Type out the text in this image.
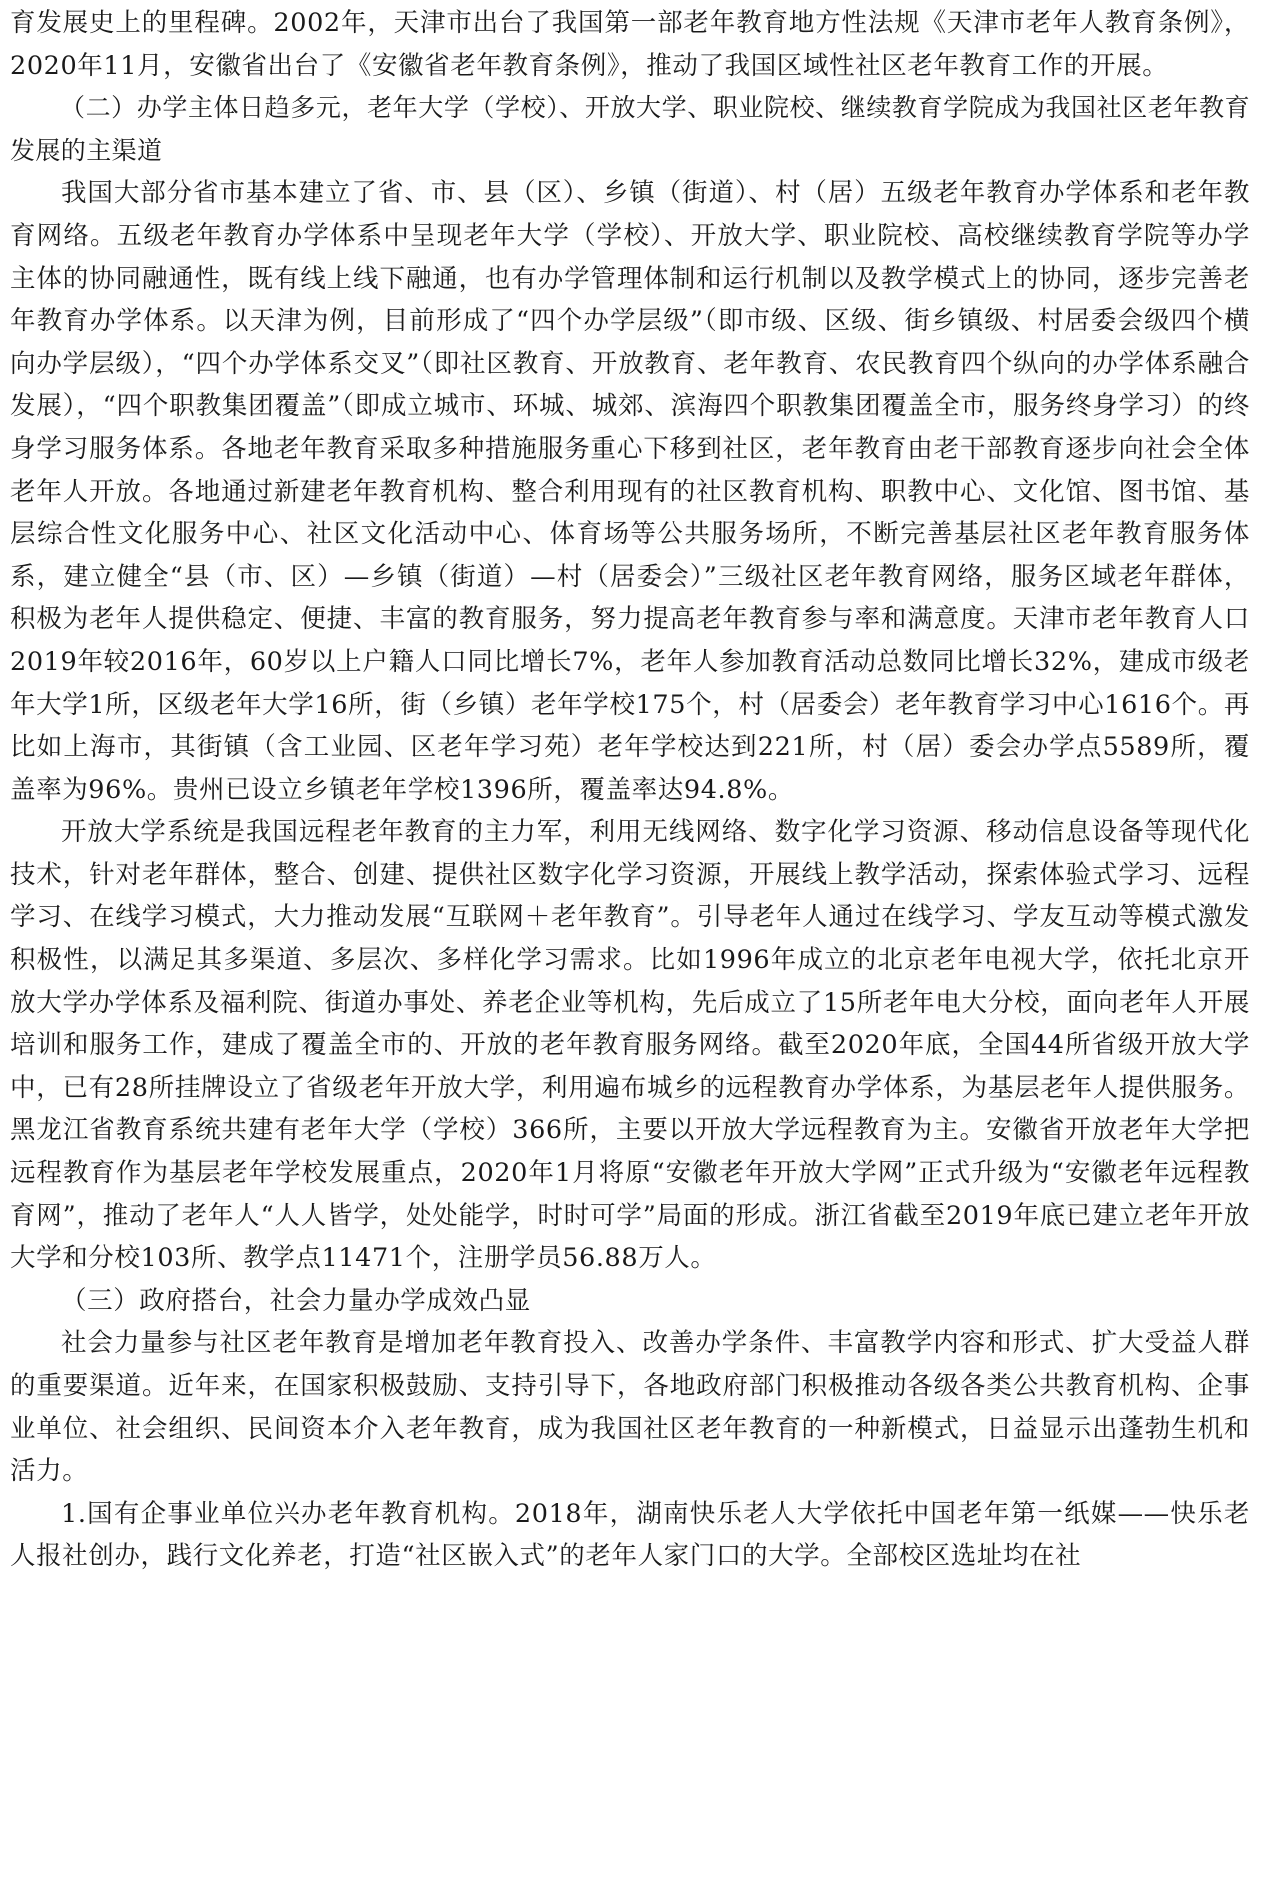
育发展史上的里程碑。2002年，天津市出台了我国第一部老年教育地方性法规《天津市老年人教育条例》，2020年11月，安徽省出台了《安徽省老年教育条例》，推动了我国区域性社区老年教育工作的开展。

（二）办学主体日趋多元，老年大学（学校）、开放大学、职业院校、继续教育学院成为我国社区老年教育发展的主渠道

我国大部分省市基本建立了省、市、县（区）、乡镇（街道）、村（居）五级老年教育办学体系和老年教育网络。五级老年教育办学体系中呈现老年大学（学校）、开放大学、职业院校、高校继续教育学院等办学主体的协同融通性，既有线上线下融通，也有办学管理体制和运行机制以及教学模式上的协同，逐步完善老年教育办学体系。以天津为例，目前形成了“四个办学层级”（即市级、区级、街乡镇级、村居委会级四个横向办学层级），“四个办学体系交叉”（即社区教育、开放教育、老年教育、农民教育四个纵向的办学体系融合发展），“四个职教集团覆盖”（即成立城市、环城、城郊、滨海四个职教集团覆盖全市，服务终身学习）的终身学习服务体系。各地老年教育采取多种措施服务重心下移到社区，老年教育由老干部教育逐步向社会全体老年人开放。各地通过新建老年教育机构、整合利用现有的社区教育机构、职教中心、文化馆、图书馆、基层综合性文化服务中心、社区文化活动中心、体育场等公共服务场所，不断完善基层社区老年教育服务体系，建立健全“县（市、区）—乡镇（街道）—村（居委会）”三级社区老年教育网络，服务区域老年群体，积极为老年人提供稳定、便捷、丰富的教育服务，努力提高老年教育参与率和满意度。天津市老年教育人口2019年较2016年，60岁以上户籍人口同比增长7%，老年人参加教育活动总数同比增长32%，建成市级老年大学1所，区级老年大学16所，街（乡镇）老年学校175个，村（居委会）老年教育学习中心1616个。再比如上海市，其街镇（含工业园、区老年学习苑）老年学校达到221所，村（居）委会办学点5589所，覆盖率为96%。贵州已设立乡镇老年学校1396所，覆盖率达94.8%。

开放大学系统是我国远程老年教育的主力军，利用无线网络、数字化学习资源、移动信息设备等现代化技术，针对老年群体，整合、创建、提供社区数字化学习资源，开展线上教学活动，探索体验式学习、远程学习、在线学习模式，大力推动发展“互联网＋老年教育”。引导老年人通过在线学习、学友互动等模式激发积极性，以满足其多渠道、多层次、多样化学习需求。比如1996年成立的北京老年电视大学，依托北京开放大学办学体系及福利院、街道办事处、养老企业等机构，先后成立了15所老年电大分校，面向老年人开展培训和服务工作，建成了覆盖全市的、开放的老年教育服务网络。截至2020年底，全国44所省级开放大学中，已有28所挂牌设立了省级老年开放大学，利用遍布城乡的远程教育办学体系，为基层老年人提供服务。黑龙江省教育系统共建有老年大学（学校）366所，主要以开放大学远程教育为主。安徽省开放老年大学把远程教育作为基层老年学校发展重点，2020年1月将原“安徽老年开放大学网”正式升级为“安徽老年远程教育网”，推动了老年人“人人皆学，处处能学，时时可学”局面的形成。浙江省截至2019年底已建立老年开放大学和分校103所、教学点11471个，注册学员56.88万人。

（三）政府搭台，社会力量办学成效凸显

社会力量参与社区老年教育是增加老年教育投入、改善办学条件、丰富教学内容和形式、扩大受益人群的重要渠道。近年来，在国家积极鼓励、支持引导下，各地政府部门积极推动各级各类公共教育机构、企事业单位、社会组织、民间资本介入老年教育，成为我国社区老年教育的一种新模式，日益显示出蓬勃生机和活力。

1.国有企事业单位兴办老年教育机构。2018年，湖南快乐老人大学依托中国老年第一纸媒——快乐老人报社创办，践行文化养老，打造“社区嵌入式”的老年人家门口的大学。全部校区选址均在社
